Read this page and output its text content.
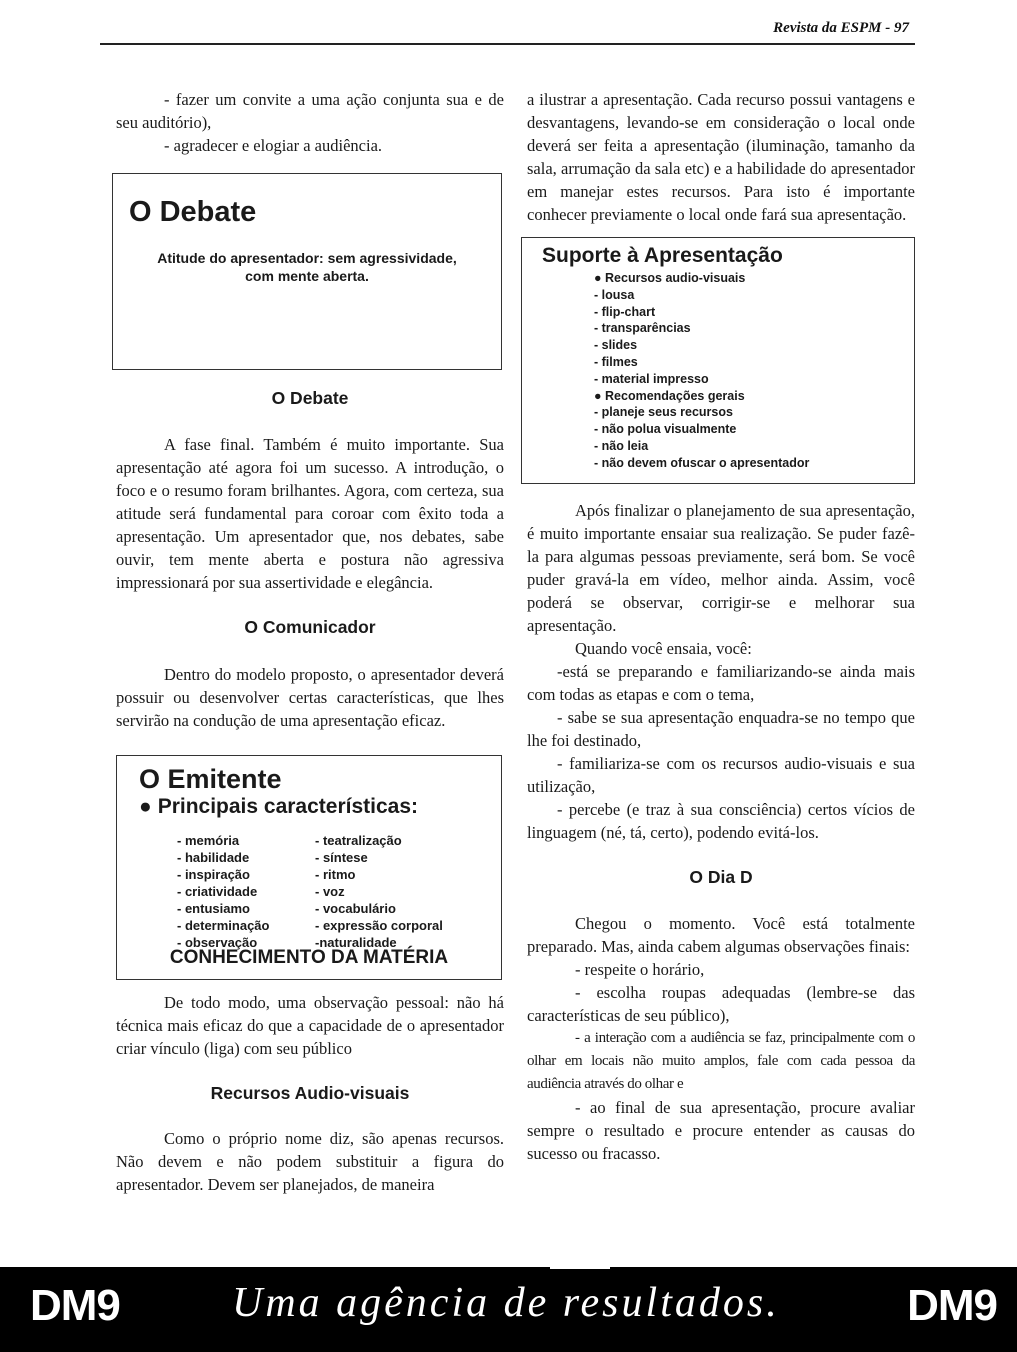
Revista da ESPM - 97

- fazer um convite a uma ação conjunta sua e de seu auditório),

- agradecer e elogiar a audiência.

O Debate

Atitude do apresentador: sem agressividade,
com mente aberta.

O Debate

A fase final. Também é muito importante. Sua apresentação até agora foi um sucesso. A introdução, o foco e o resumo foram brilhantes. Agora, com certeza, sua atitude será fundamental para coroar com êxito toda a apresentação. Um apresentador que, nos debates, sabe ouvir, tem mente aberta e postura não agressiva impressionará por sua assertividade e elegância.

O Comunicador

Dentro do modelo proposto, o apresentador deverá possuir ou desenvolver certas características, que lhes servirão na condução de uma apresentação eficaz.

O Emitente

● Principais características:

- memória
- habilidade
- inspiração
- criatividade
- entusiamo
- determinação
- observação
- teatralização
- síntese
- ritmo
- voz
- vocabulário
- expressão corporal
-naturalidade
CONHECIMENTO DA MATÉRIA

De todo modo, uma observação pessoal: não há técnica mais eficaz do que a capacidade de o apresentador criar vínculo (liga) com seu público

Recursos Audio-visuais

Como o próprio nome diz, são apenas recursos. Não devem e não podem substituir a figura do apresentador. Devem ser planejados, de maneira

a ilustrar a apresentação. Cada recurso possui vantagens e desvantagens, levando-se em consideração o local onde deverá ser feita a apresentação (iluminação, tamanho da sala, arrumação da sala etc) e a habilidade do apresentador em manejar estes recursos. Para isto é importante conhecer previamente o local onde fará sua apresentação.

Suporte à Apresentação

● Recursos audio-visuais
- lousa
- flip-chart
- transparências
- slides
- filmes
- material impresso
● Recomendações gerais
- planeje seus recursos
- não polua visualmente
- não leia
- não devem ofuscar o apresentador

Após finalizar o planejamento de sua apresentação, é muito importante ensaiar sua realização. Se puder fazê-la para algumas pessoas previamente, será bom. Se você puder gravá-la em vídeo, melhor ainda. Assim, você poderá se observar, corrigir-se e melhorar sua apresentação.

Quando você ensaia, você:

-está se preparando e familiarizando-se ainda mais com todas as etapas e com o tema,

- sabe se sua apresentação enquadra-se no tempo que lhe foi destinado,

- familiariza-se com os recursos audio-visuais e sua utilização,

- percebe (e traz à sua consciência) certos vícios de linguagem (né, tá, certo), podendo evitá-los.

O Dia D

Chegou o momento. Você está totalmente preparado. Mas, ainda cabem algumas observações finais:

- respeite o horário,

- escolha roupas adequadas (lembre-se das características de seu público),

- a interação com a audiência se faz, principalmente com o olhar em locais não muito amplos, fale com cada pessoa da audiência através do olhar e

- ao final de sua apresentação, procure avaliar sempre o resultado e procure entender as causas do sucesso ou fracasso.

DM9	Uma agência de resultados.	DM9
